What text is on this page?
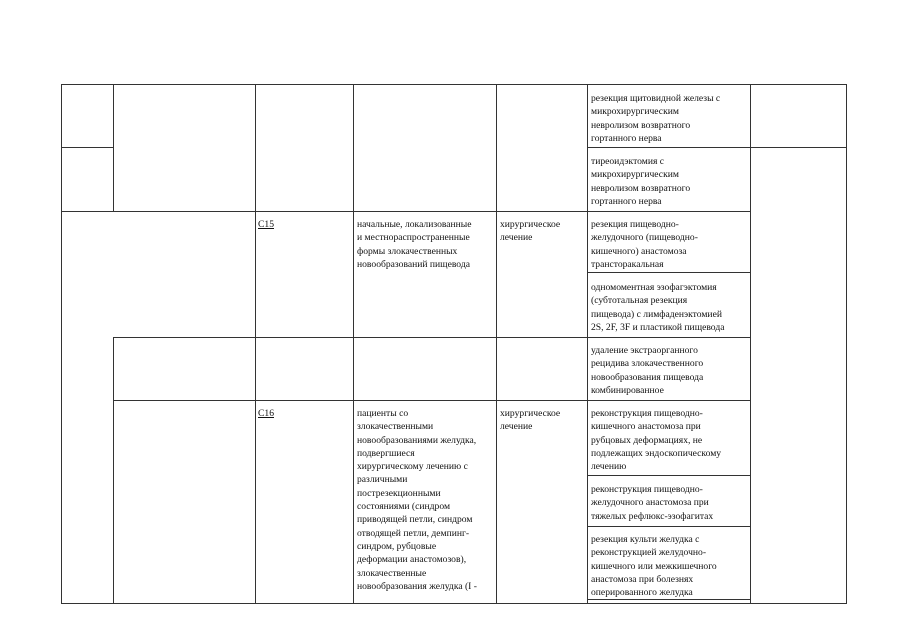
резекция щитовидной железы с
микрохирургическим
невролизом возвратного
гортанного нерва
тиреоидэктомия с
микрохирургическим
невролизом возвратного
гортанного нерва
C15	начальные, локализованные
и местнораспространенные
формы злокачественных
новообразований пищевода
хирургическое
лечение
резекция пищеводно-
желудочного (пищеводно-
кишечного) анастомоза
трансторакальная
одномоментная эзофагэктомия
(субтотальная резекция
пищевода) с лимфаденэктомией
2S, 2F, 3F и пластикой пищевода
удаление экстраорганного
рецидива злокачественного
новообразования пищевода
комбинированное
C16	пациенты со
злокачественными
новообразованиями желудка,
подвергшиеся
хирургическому лечению с
различными
пострезекционными
состояниями (синдром
приводящей петли, синдром
отводящей петли, демпинг-
синдром, рубцовые
деформации анастомозов),
злокачественные
новообразования желудка (I -
хирургическое
лечение
реконструкция пищеводно-
кишечного анастомоза при
рубцовых деформациях, не
подлежащих эндоскопическому
лечению
реконструкция пищеводно-
желудочного анастомоза при
тяжелых рефлюкс-эзофагитах
резекция культи желудка с
реконструкцией желудочно-
кишечного или межкишечного
анастомоза при болезнях
оперированного желудка
